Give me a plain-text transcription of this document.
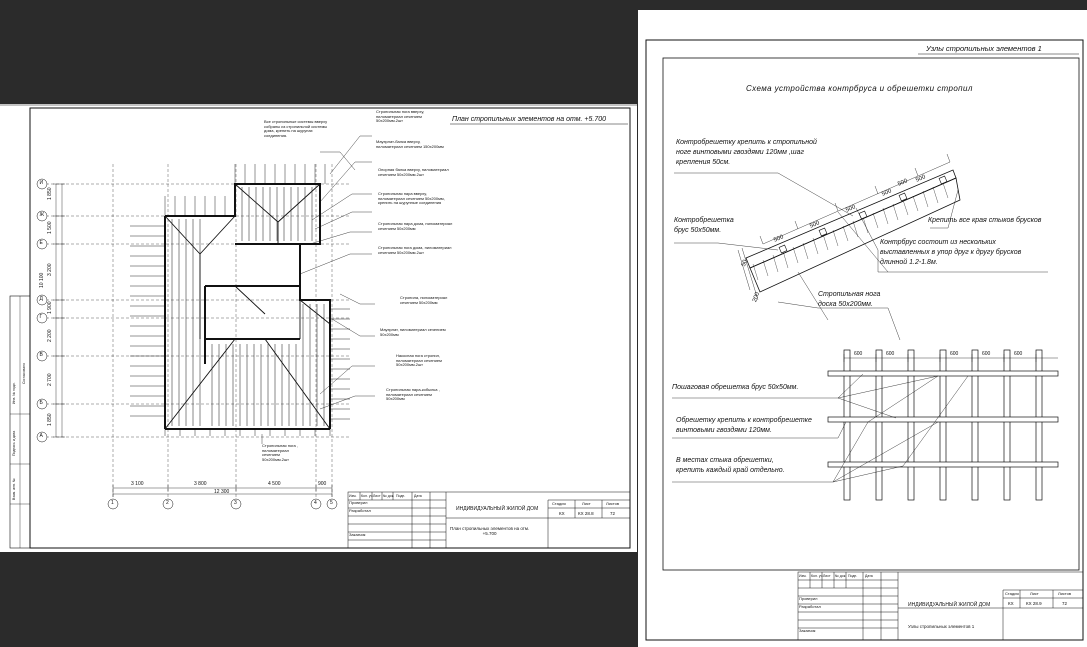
План стропильных элементов на отм. +5.700
И
Ж
Е
Д
Г
В
Б
А
1	2	3	4	5
1 850
1 500
3 200
10 100
1 900
2 200
2 700
1 850
3 100	3 800	4 500	900
12 300
Все стропильные системы вверху
собраны из стропильной системы
дома, крепить на шурупах
соединения.
Стропильная нога вверху,
пиломатериал сечением
50х200мм.2шт
Мауэрлат-балка вверху,
пиломатериал сечением 150х200мм
Опорная балка вверху, пиломатериал
сечением 50х200мм.2шт
Стропильная пара вверху,
пиломатериал сечением 50х200мм,
крепить на шурупные соединения
Стропильная пара дома, пиломатериал
сечением 50х200мм
Стропильная нога дома, пиломатериал
сечением 50х200мм.2шт
Стропила, пиломатериал
сечением 50х200мм
Мауэрлат, пиломатериал сечением
50х200мм
Накосная нога стропил,
пиломатериал сечением
50х200мм.2шт
Стропильная пара-кобылка ,
пиломатериал сечением
50х200мм
Стропильная нога ,
пиломатериал
сечением
50х200мм.2шт
Инв. № подл.
Подпись и дата
Взам. инв. №
Согласовано
Изм. Кол. уч. Лист № док. Подп. Дата
Проверил
Разработал
Заказчик
ИНДИВИДУАЛЬНЫЙ ЖИЛОЙ ДОМ
План стропильных элементов на отм.
+5.700
Стадия	Лист	Листов
КХ	КХ 28.8	72
Узлы стропильных элементов 1
Схема устройства контрбруса и обрешетки стропил
Контробрешетку крепить к стропильной
ноге винтовыми гвоздями 120мм ,шаг
крепления 50см.
Контробрешетка
брус 50х50мм.
Крепить все края стыков брусков
Контрбрус состоит из нескольких
выставленных в упор друг к другу брусков
длинной 1.2-1.8м.
Стропильная нога
доска 50х200мм.
Пошаговая обрешетка брус 50х50мм.
Обрешетку крепить к контробрешетке
винтовыми гвоздями 120мм.
В местах стыка обрешетки,
крепить каждый край отдельно.
500
500
500
500
500 500
50
200
600	600	600	600	600
Изм. Кол. уч. Лист № док. Подп. Дата
Проверил
Разработал
Заказчик
ИНДИВИДУАЛЬНЫЙ ЖИЛОЙ ДОМ
Узлы стропильных элементов 1
Стадия	Лист	Листов
КХ	КХ 28.9	72
